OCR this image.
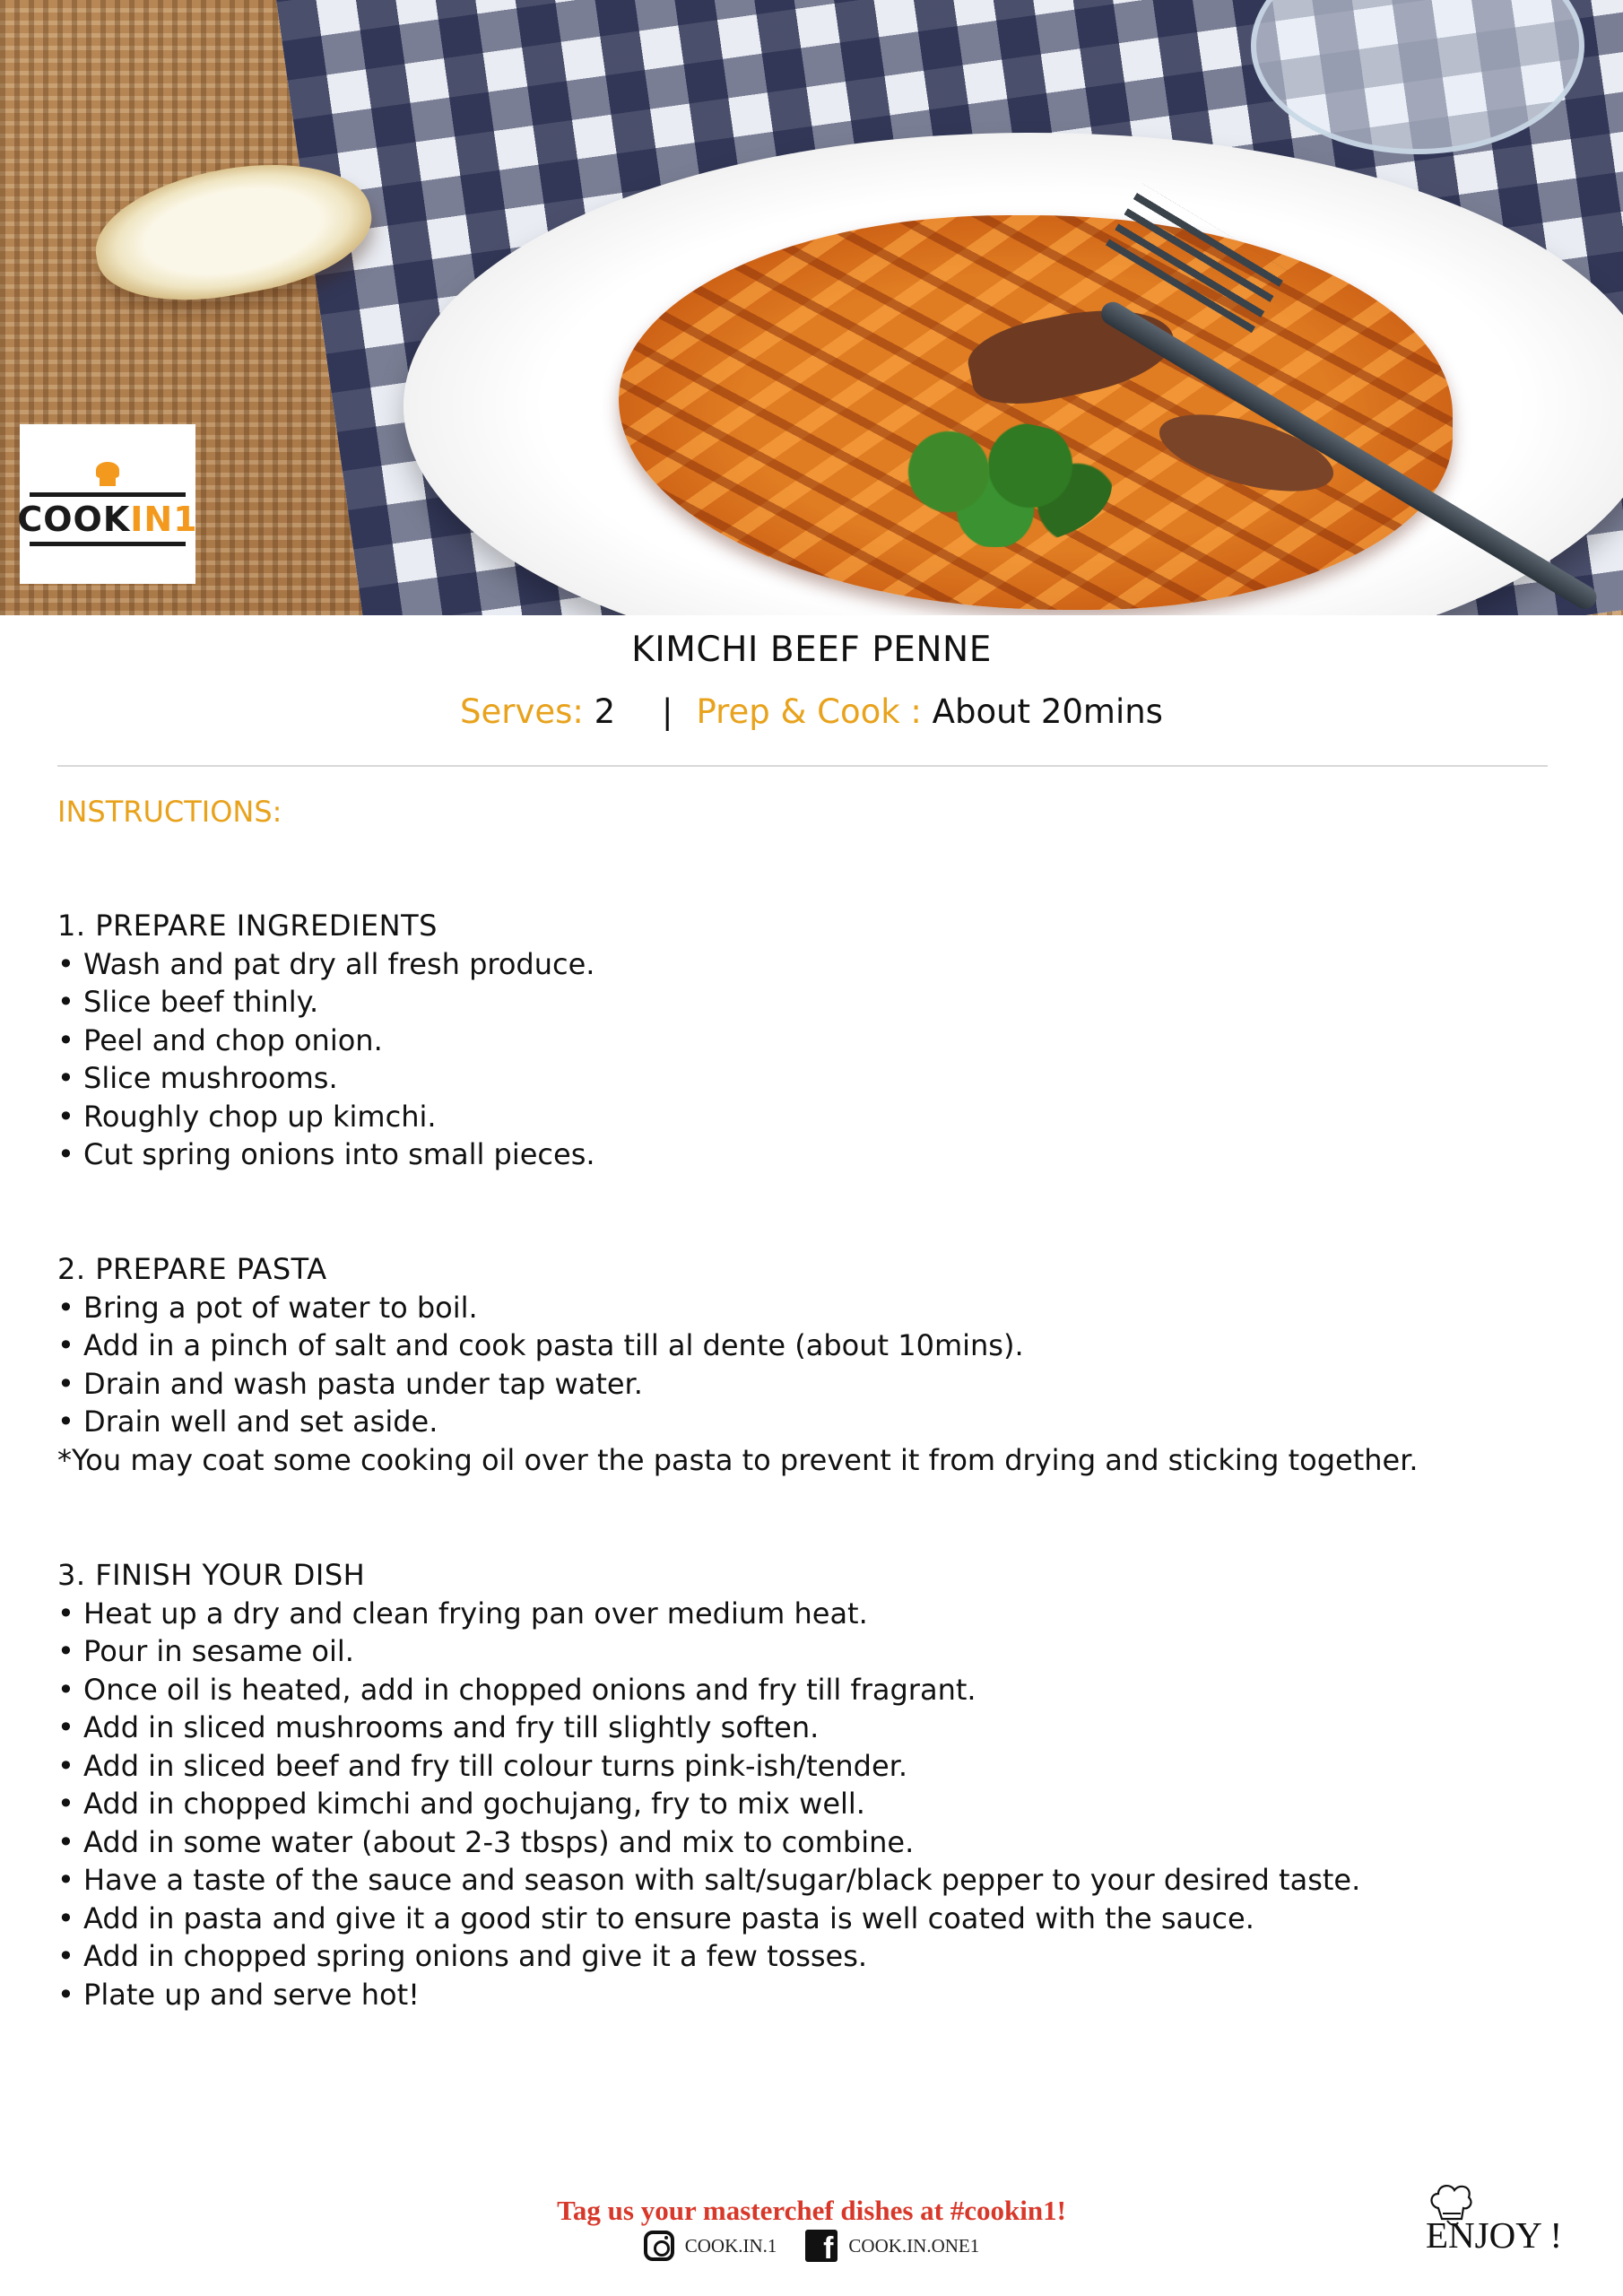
COOKIN1
KIMCHI BEEF PENNE
Serves: 2 | Prep & Cook : About 20mins
INSTRUCTIONS:
1. PREPARE INGREDIENTS
• Wash and pat dry all fresh produce.
• Slice beef thinly.
• Peel and chop onion.
• Slice mushrooms.
• Roughly chop up kimchi.
• Cut spring onions into small pieces.
2. PREPARE PASTA
• Bring a pot of water to boil.
• Add in a pinch of salt and cook pasta till al dente (about 10mins).
• Drain and wash pasta under tap water.
• Drain well and set aside.
*You may coat some cooking oil over the pasta to prevent it from drying and sticking together.
3. FINISH YOUR DISH
• Heat up a dry and clean frying pan over medium heat.
• Pour in sesame oil.
• Once oil is heated, add in chopped onions and fry till fragrant.
• Add in sliced mushrooms and fry till slightly soften.
• Add in sliced beef and fry till colour turns pink-ish/tender.
• Add in chopped kimchi and gochujang, fry to mix well.
• Add in some water (about 2-3 tbsps) and mix to combine.
• Have a taste of the sauce and season with salt/sugar/black pepper to your desired taste.
• Add in pasta and give it a good stir to ensure pasta is well coated with the sauce.
• Add in chopped spring onions and give it a few tosses.
• Plate up and serve hot!
Tag us your masterchef dishes at #cookin1!
COOK.IN.1 f COOK.IN.ONE1	ENJOY !
